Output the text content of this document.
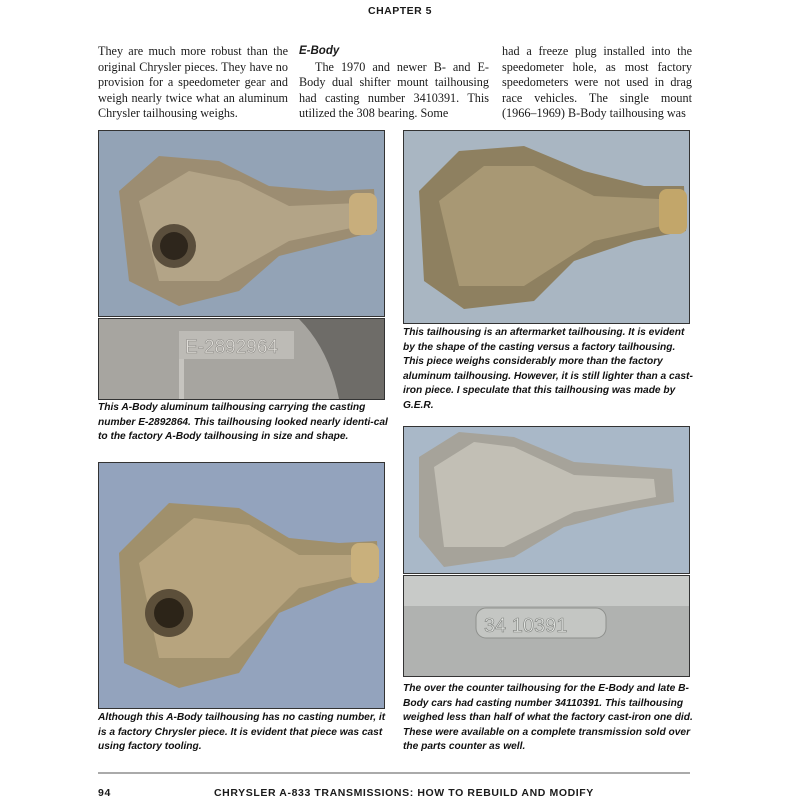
CHAPTER 5

They are much more robust than the original Chrysler pieces. They have no provision for a speedometer gear and weigh nearly twice what an aluminum Chrysler tailhousing weighs.

E-Body

The 1970 and newer B- and E-Body dual shifter mount tailhousing had casting number 3410391. This utilized the 308 bearing. Some

had a freeze plug installed into the speedometer hole, as most factory speedometers were not used in drag race vehicles. The single mount (1966–1969) B-Body tailhousing was

E-2892964
This A-Body aluminum tailhousing carrying the casting number E-2892864. This tailhousing looked nearly identi-cal to the factory A-Body tailhousing in size and shape.
This tailhousing is an aftermarket tailhousing. It is evident by the shape of the casting versus a factory tailhousing. This piece weighs considerably more than the factory aluminum tailhousing. However, it is still lighter than a cast-iron piece. I speculate that this tailhousing was made by G.E.R.
Although this A-Body tailhousing has no casting number, it is a factory Chrysler piece. It is evident that piece was cast using factory tooling.
34 10391
The over the counter tailhousing for the E-Body and late B-Body cars had casting number 34110391. This tailhousing weighed less than half of what the factory cast-iron one did. These were available on a complete transmission sold over the parts counter as well.
94	CHRYSLER A-833 TRANSMISSIONS: HOW TO REBUILD AND MODIFY
